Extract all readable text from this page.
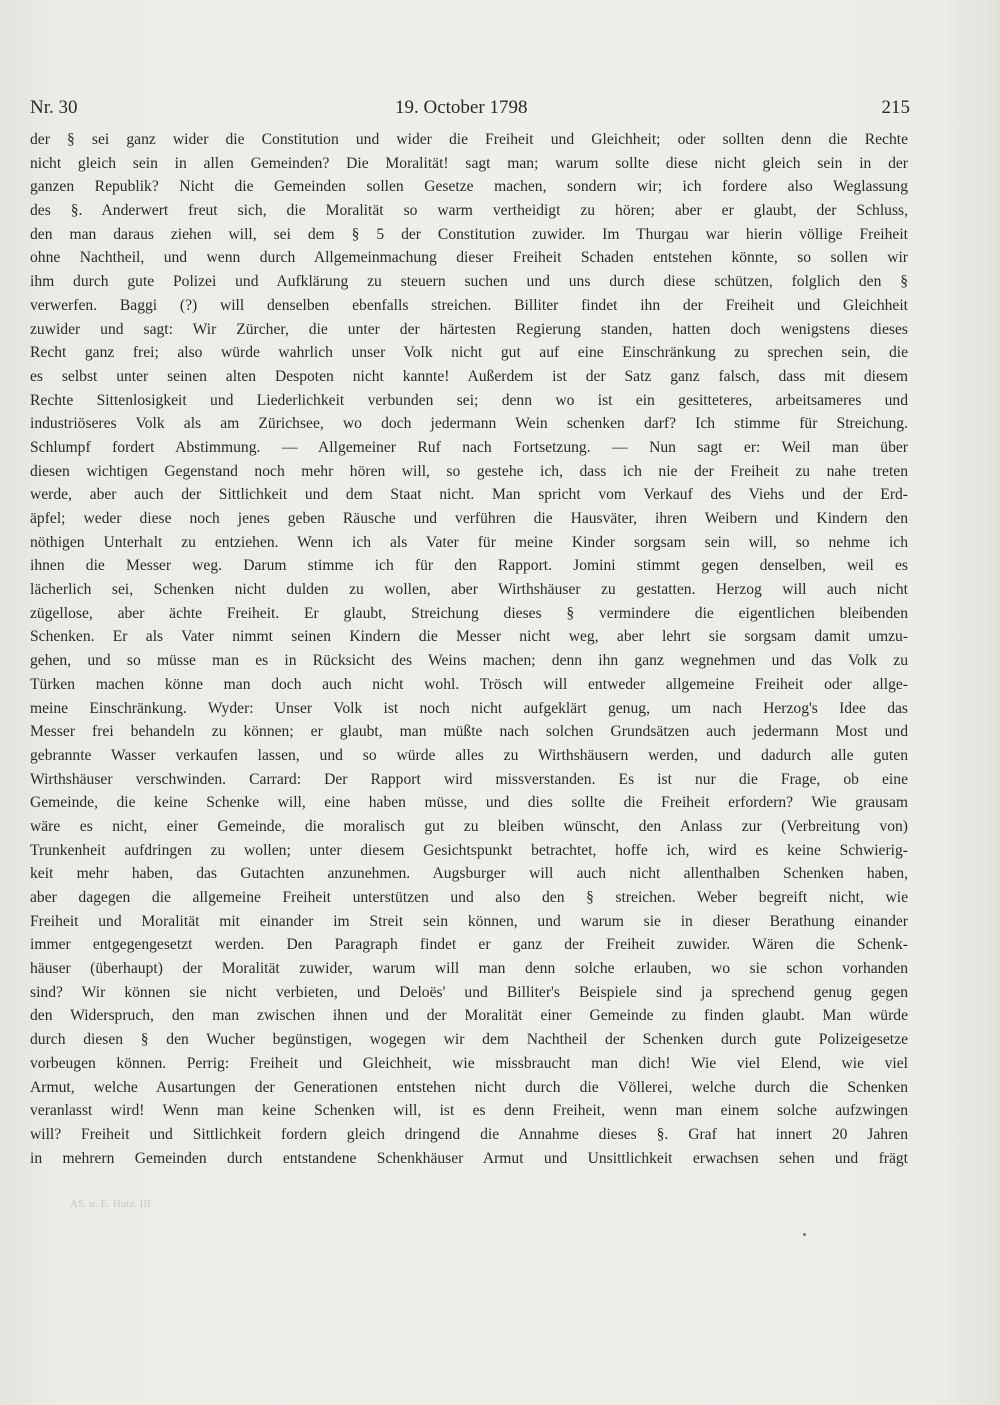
Nr. 30	19. October 1798	215
der § sei ganz wider die Constitution und wider die Freiheit und Gleichheit; oder sollten denn die Rechte
nicht gleich sein in allen Gemeinden? Die Moralität! sagt man; warum sollte diese nicht gleich sein in der
ganzen Republik? Nicht die Gemeinden sollen Gesetze machen, sondern wir; ich fordere also Weglassung
des §. Anderwert freut sich, die Moralität so warm vertheidigt zu hören; aber er glaubt, der Schluss,
den man daraus ziehen will, sei dem § 5 der Constitution zuwider. Im Thurgau war hierin völlige Freiheit
ohne Nachtheil, und wenn durch Allgemeinmachung dieser Freiheit Schaden entstehen könnte, so sollen wir
ihm durch gute Polizei und Aufklärung zu steuern suchen und uns durch diese schützen, folglich den §
verwerfen. Baggi (?) will denselben ebenfalls streichen. Billiter findet ihn der Freiheit und Gleichheit
zuwider und sagt: Wir Zürcher, die unter der härtesten Regierung standen, hatten doch wenigstens dieses
Recht ganz frei; also würde wahrlich unser Volk nicht gut auf eine Einschränkung zu sprechen sein, die
es selbst unter seinen alten Despoten nicht kannte! Außerdem ist der Satz ganz falsch, dass mit diesem
Rechte Sittenlosigkeit und Liederlichkeit verbunden sei; denn wo ist ein gesitteteres, arbeitsameres und
industriöseres Volk als am Zürichsee, wo doch jedermann Wein schenken darf? Ich stimme für Streichung.
Schlumpf fordert Abstimmung. — Allgemeiner Ruf nach Fortsetzung. — Nun sagt er: Weil man über
diesen wichtigen Gegenstand noch mehr hören will, so gestehe ich, dass ich nie der Freiheit zu nahe treten
werde, aber auch der Sittlichkeit und dem Staat nicht. Man spricht vom Verkauf des Viehs und der Erd-
äpfel; weder diese noch jenes geben Räusche und verführen die Hausväter, ihren Weibern und Kindern den
nöthigen Unterhalt zu entziehen. Wenn ich als Vater für meine Kinder sorgsam sein will, so nehme ich
ihnen die Messer weg. Darum stimme ich für den Rapport. Jomini stimmt gegen denselben, weil es
lächerlich sei, Schenken nicht dulden zu wollen, aber Wirthshäuser zu gestatten. Herzog will auch nicht
zügellose, aber ächte Freiheit. Er glaubt, Streichung dieses § vermindere die eigentlichen bleibenden
Schenken. Er als Vater nimmt seinen Kindern die Messer nicht weg, aber lehrt sie sorgsam damit umzu-
gehen, und so müsse man es in Rücksicht des Weins machen; denn ihn ganz wegnehmen und das Volk zu
Türken machen könne man doch auch nicht wohl. Trösch will entweder allgemeine Freiheit oder allge-
meine Einschränkung. Wyder: Unser Volk ist noch nicht aufgeklärt genug, um nach Herzog's Idee das
Messer frei behandeln zu können; er glaubt, man müßte nach solchen Grundsätzen auch jedermann Most und
gebrannte Wasser verkaufen lassen, und so würde alles zu Wirthshäusern werden, und dadurch alle guten
Wirthshäuser verschwinden. Carrard: Der Rapport wird missverstanden. Es ist nur die Frage, ob eine
Gemeinde, die keine Schenke will, eine haben müsse, und dies sollte die Freiheit erfordern? Wie grausam
wäre es nicht, einer Gemeinde, die moralisch gut zu bleiben wünscht, den Anlass zur (Verbreitung von)
Trunkenheit aufdringen zu wollen; unter diesem Gesichtspunkt betrachtet, hoffe ich, wird es keine Schwierig-
keit mehr haben, das Gutachten anzunehmen. Augsburger will auch nicht allenthalben Schenken haben,
aber dagegen die allgemeine Freiheit unterstützen und also den § streichen. Weber begreift nicht, wie
Freiheit und Moralität mit einander im Streit sein können, und warum sie in dieser Berathung einander
immer entgegengesetzt werden. Den Paragraph findet er ganz der Freiheit zuwider. Wären die Schenk-
häuser (überhaupt) der Moralität zuwider, warum will man denn solche erlauben, wo sie schon vorhanden
sind? Wir können sie nicht verbieten, und Deloës' und Billiter's Beispiele sind ja sprechend genug gegen
den Widerspruch, den man zwischen ihnen und der Moralität einer Gemeinde zu finden glaubt. Man würde
durch diesen § den Wucher begünstigen, wogegen wir dem Nachtheil der Schenken durch gute Polizeigesetze
vorbeugen können. Perrig: Freiheit und Gleichheit, wie missbraucht man dich! Wie viel Elend, wie viel
Armut, welche Ausartungen der Generationen entstehen nicht durch die Völlerei, welche durch die Schenken
veranlasst wird! Wenn man keine Schenken will, ist es denn Freiheit, wenn man einem solche aufzwingen
will? Freiheit und Sittlichkeit fordern gleich dringend die Annahme dieses §. Graf hat innert 20 Jahren
in mehrern Gemeinden durch entstandene Schenkhäuser Armut und Unsittlichkeit erwachsen sehen und frägt
AS. u. E. Hutz. III
